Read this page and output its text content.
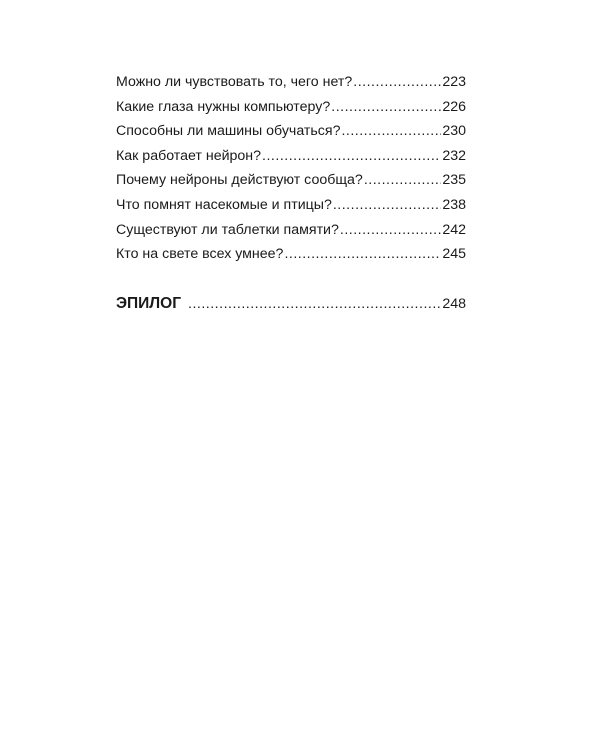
Можно ли чувствовать то, чего нет? .....	223
Какие глаза нужны компьютеру? .....	226
Способны ли машины обучаться? .....	230
Как работает нейрон? .....	232
Почему нейроны действуют сообща? .....	235
Что помнят насекомые и птицы? .....	238
Существуют ли таблетки памяти? .....	242
Кто на свете всех умнее? .....	245
ЭПИЛОГ .....	248
